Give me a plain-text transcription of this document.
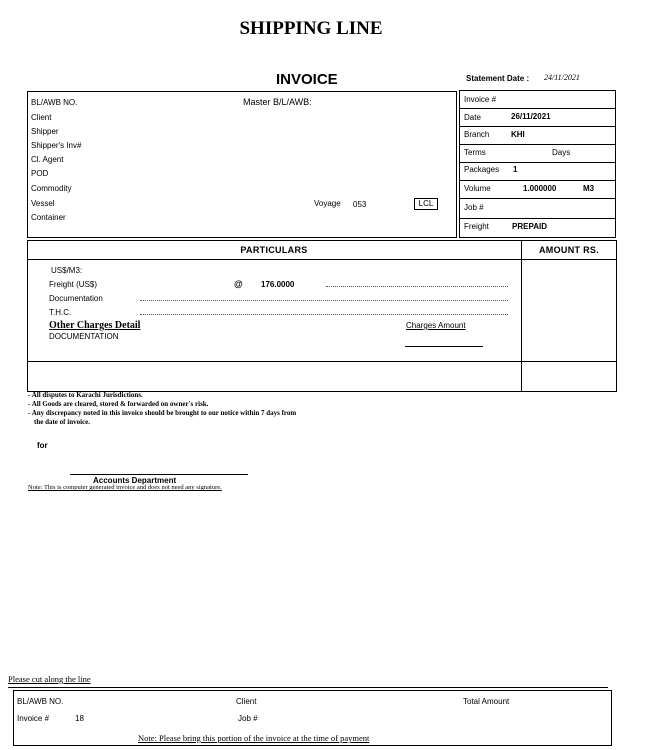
SHIPPING LINE
INVOICE	Statement Date : 24/11/2021
BL/AWB NO.	Master B/L/AWB:
Client
Shipper
Shipper's Inv#
Cl. Agent
POD
Commodity
Vessel	Voyage 053	LCL
Container
Invoice #
Date	26/11/2021
Branch	KHI
Terms	Days
Packages 1
Volume	1.000000	M3
Job #
Freight	PREPAID
PARTICULARS	AMOUNT RS.
US$/M3:
Freight (US$)	@ 176.0000
Documentation
T.H.C.
Other Charges Detail	Charges Amount
DOCUMENTATION
- All disputes to Karachi Jurisdictions.
- All Goods are cleared, stored & forwarded on owner's risk.
- Any discrepancy noted in this invoice should be brought to our notice within 7 days from
the date of invoice.
for
Accounts Department
Note: This is computer generated invoice and does not need any signature.
Please cut along the line
BL/AWB NO.	Client	Total Amount
Invoice #	18	Job #
Note: Please bring this portion of the invoice at the time of payment
